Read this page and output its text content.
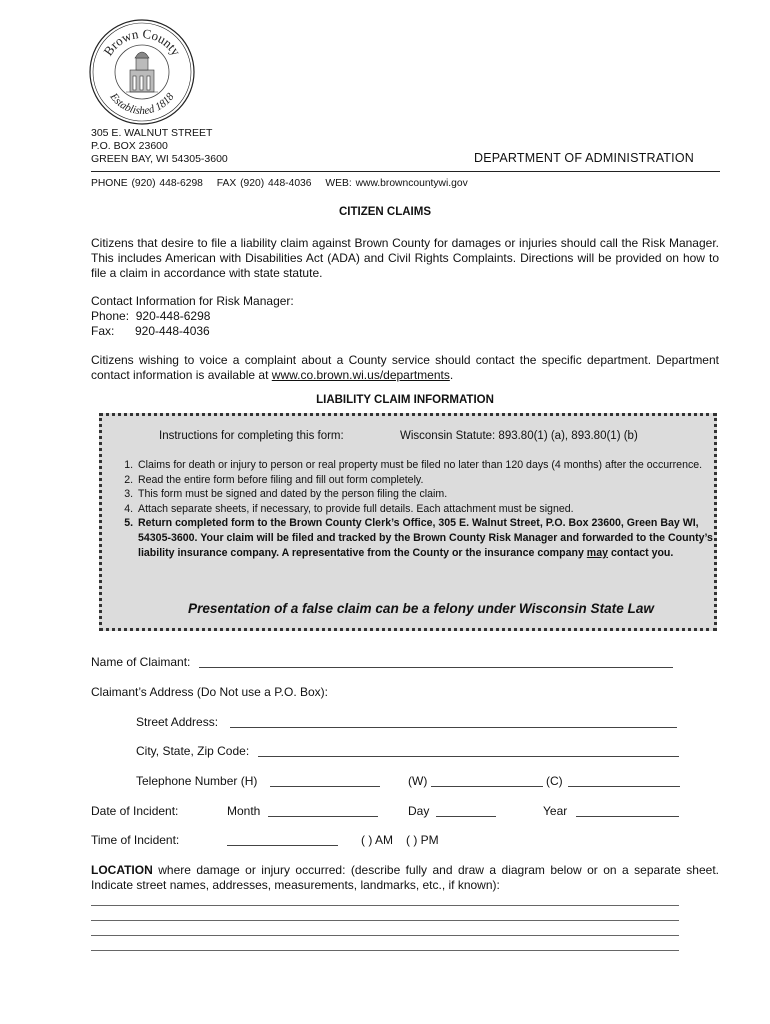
Brown County
Established 1818
305 E. WALNUT STREET
P.O. BOX 23600
GREEN BAY, WI 54305-3600	DEPARTMENT OF ADMINISTRATION
PHONE (920) 448-6298 FAX (920) 448-4036 WEB: www.browncountywi.gov
CITIZEN CLAIMS
Citizens that desire to file a liability claim against Brown County for damages or injuries should call the Risk Manager. This includes American with Disabilities Act (ADA) and Civil Rights Complaints. Directions will be provided on how to file a claim in accordance with state statute.
Contact Information for Risk Manager:
Phone: 920-448-6298
Fax: 920-448-4036
Citizens wishing to voice a complaint about a County service should contact the specific department. Department contact information is available at www.co.brown.wi.us/departments.
LIABILITY CLAIM INFORMATION
Instructions for completing this form:	Wisconsin Statute: 893.80(1) (a), 893.80(1) (b)
1. Claims for death or injury to person or real property must be filed no later than 120 days (4 months) after the occurrence.
2. Read the entire form before filing and fill out form completely.
3. This form must be signed and dated by the person filing the claim.
4. Attach separate sheets, if necessary, to provide full details. Each attachment must be signed.
5. Return completed form to the Brown County Clerk’s Office, 305 E. Walnut Street, P.O. Box 23600, Green Bay WI, 54305-3600. Your claim will be filed and tracked by the Brown County Risk Manager and forwarded to the County’s liability insurance company. A representative from the County or the insurance company may contact you.
Presentation of a false claim can be a felony under Wisconsin State Law
Name of Claimant:
Claimant’s Address (Do Not use a P.O. Box):
Street Address:
City, State, Zip Code:
Telephone Number (H)	(W)	(C)
Date of Incident:	Month	Day	Year
Time of Incident:	( ) AM ( ) PM
LOCATION where damage or injury occurred: (describe fully and draw a diagram below or on a separate sheet. Indicate street names, addresses, measurements, landmarks, etc., if known):
